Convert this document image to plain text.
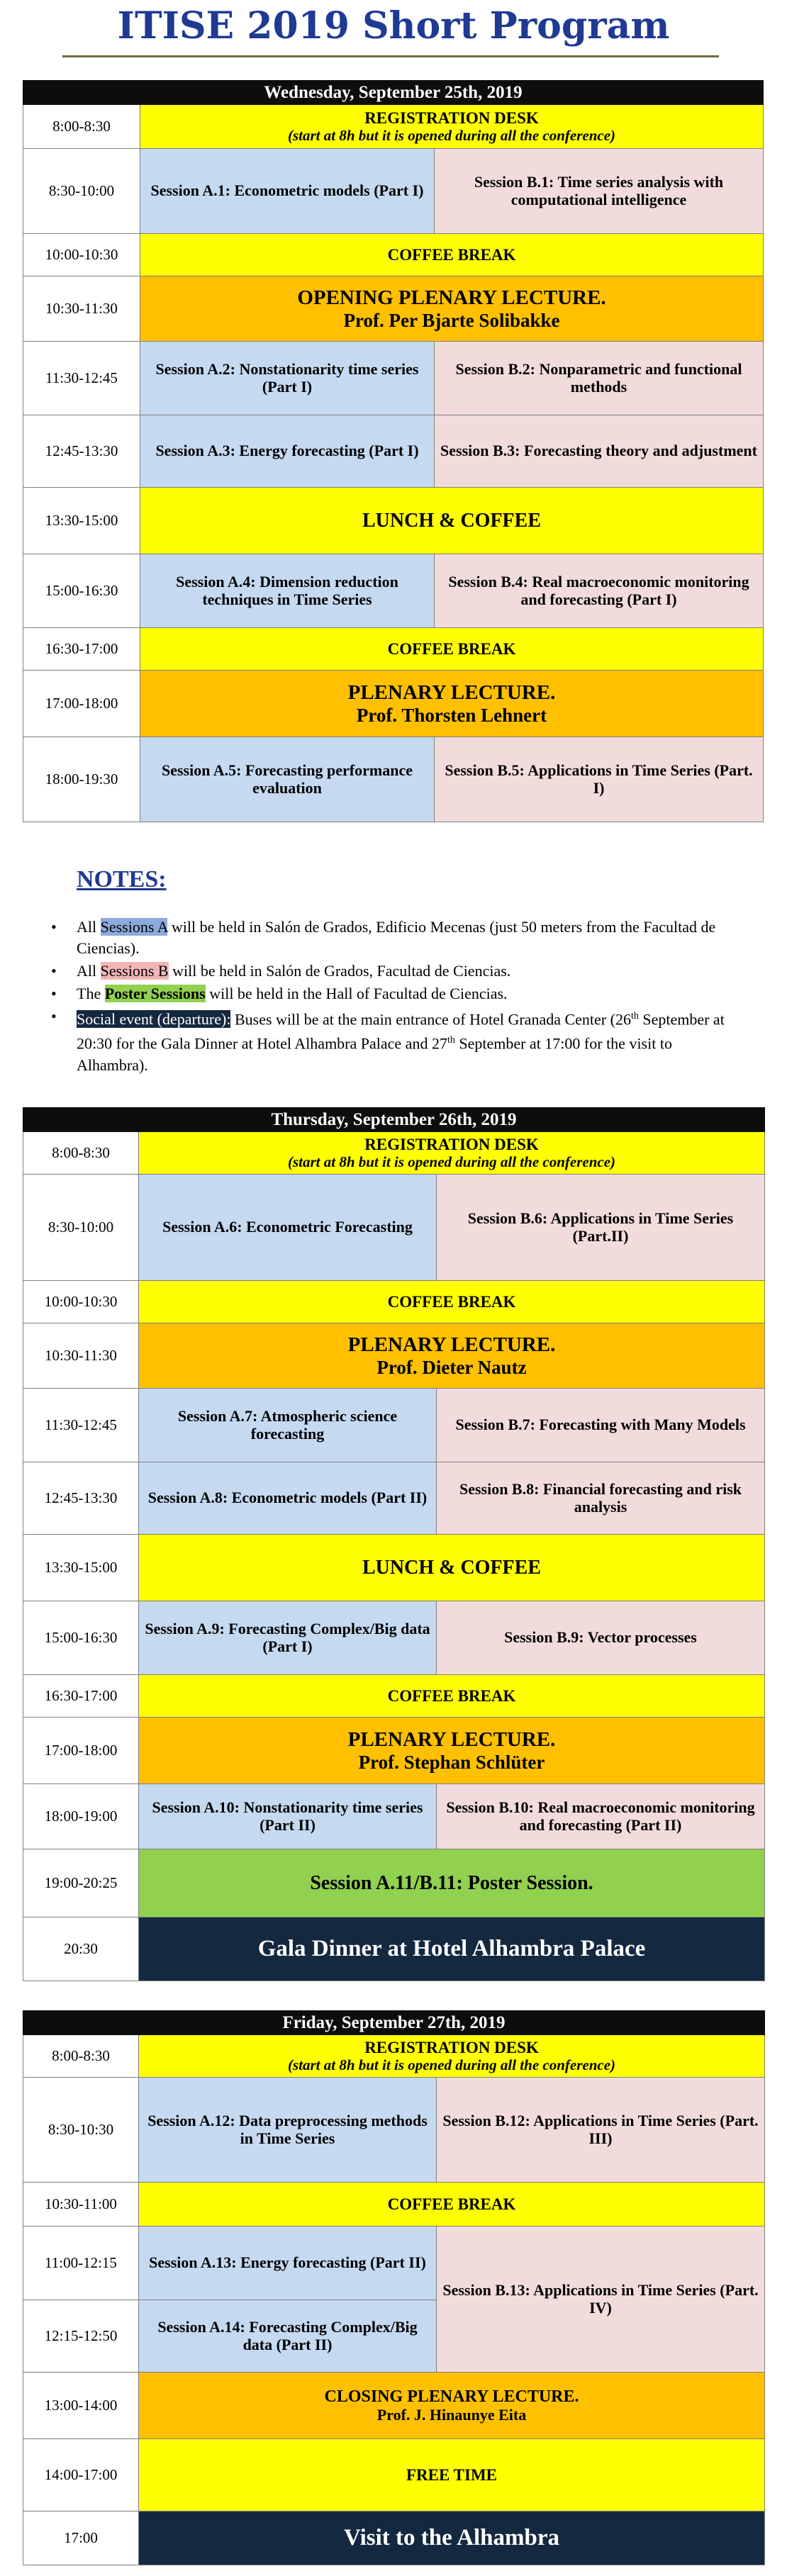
ITISE 2019 Short Program
Wednesday, September 25th, 2019		
8:00-8:30	REGISTRATION DESK
(start at 8h but it is opened during all the conference)	

8:30-10:00	Session A.1: Econometric models (Part I)	Session B.1: Time series analysis with computational intelligence
10:00-10:30	COFFEE BREAK	
10:30-11:30	OPENING PLENARY LECTURE.
Prof. Per Bjarte Solibakke	

11:30-12:45	Session A.2: Nonstationarity time series (Part I)	Session B.2: Nonparametric and functional methods
12:45-13:30	Session A.3: Energy forecasting (Part I)	Session B.3: Forecasting theory and adjustment
13:30-15:00	LUNCH & COFFEE	
15:00-16:30	Session A.4: Dimension reduction techniques in Time Series	Session B.4: Real macroeconomic monitoring and forecasting (Part I)
16:30-17:00	COFFEE BREAK	
17:00-18:00	PLENARY LECTURE.
Prof. Thorsten Lehnert	

18:00-19:30	Session A.5: Forecasting performance evaluation	Session B.5: Applications in Time Series (Part. I)
NOTES:
• All Sessions A will be held in Salón de Grados, Edificio Mecenas (just 50 meters from the Facultad de Ciencias).
• All Sessions B will be held in Salón de Grados, Facultad de Ciencias.
• The Poster Sessions will be held in the Hall of Facultad de Ciencias.
• Social event (departure): Buses will be at the main entrance of Hotel Granada Center (26th September at 20:30 for the Gala Dinner at Hotel Alhambra Palace and 27th September at 17:00 for the visit to Alhambra).
Thursday, September 26th, 2019		
8:00-8:30	REGISTRATION DESK
(start at 8h but it is opened during all the conference)	

8:30-10:00	Session A.6: Econometric Forecasting	Session B.6: Applications in Time Series (Part.II)
10:00-10:30	COFFEE BREAK	
10:30-11:30	PLENARY LECTURE.
Prof. Dieter Nautz	

11:30-12:45	Session A.7: Atmospheric science forecasting	Session B.7: Forecasting with Many Models
12:45-13:30	Session A.8: Econometric models (Part II)	Session B.8: Financial forecasting and risk analysis
13:30-15:00	LUNCH & COFFEE	
15:00-16:30	Session A.9: Forecasting Complex/Big data (Part I)	Session B.9: Vector processes
16:30-17:00	COFFEE BREAK	
17:00-18:00	PLENARY LECTURE.
Prof. Stephan Schlüter	

18:00-19:00	Session A.10: Nonstationarity time series (Part II)	Session B.10: Real macroeconomic monitoring and forecasting (Part II)
19:00-20:25	Session A.11/B.11: Poster Session.	
20:30	Gala Dinner at Hotel Alhambra Palace	
Friday, September 27th, 2019		
8:00-8:30	REGISTRATION DESK
(start at 8h but it is opened during all the conference)	

8:30-10:30	Session A.12: Data preprocessing methods in Time Series	Session B.12: Applications in Time Series (Part. III)
10:30-11:00	COFFEE BREAK	
11:00-12:15	Session A.13: Energy forecasting (Part II)	Session B.13: Applications in Time Series (Part. IV)
12:15-12:50	Session A.14: Forecasting Complex/Big data (Part II)	
13:00-14:00	CLOSING PLENARY LECTURE.
Prof. J. Hinaunye Eita	

14:00-17:00	FREE TIME	
17:00	Visit to the Alhambra	
